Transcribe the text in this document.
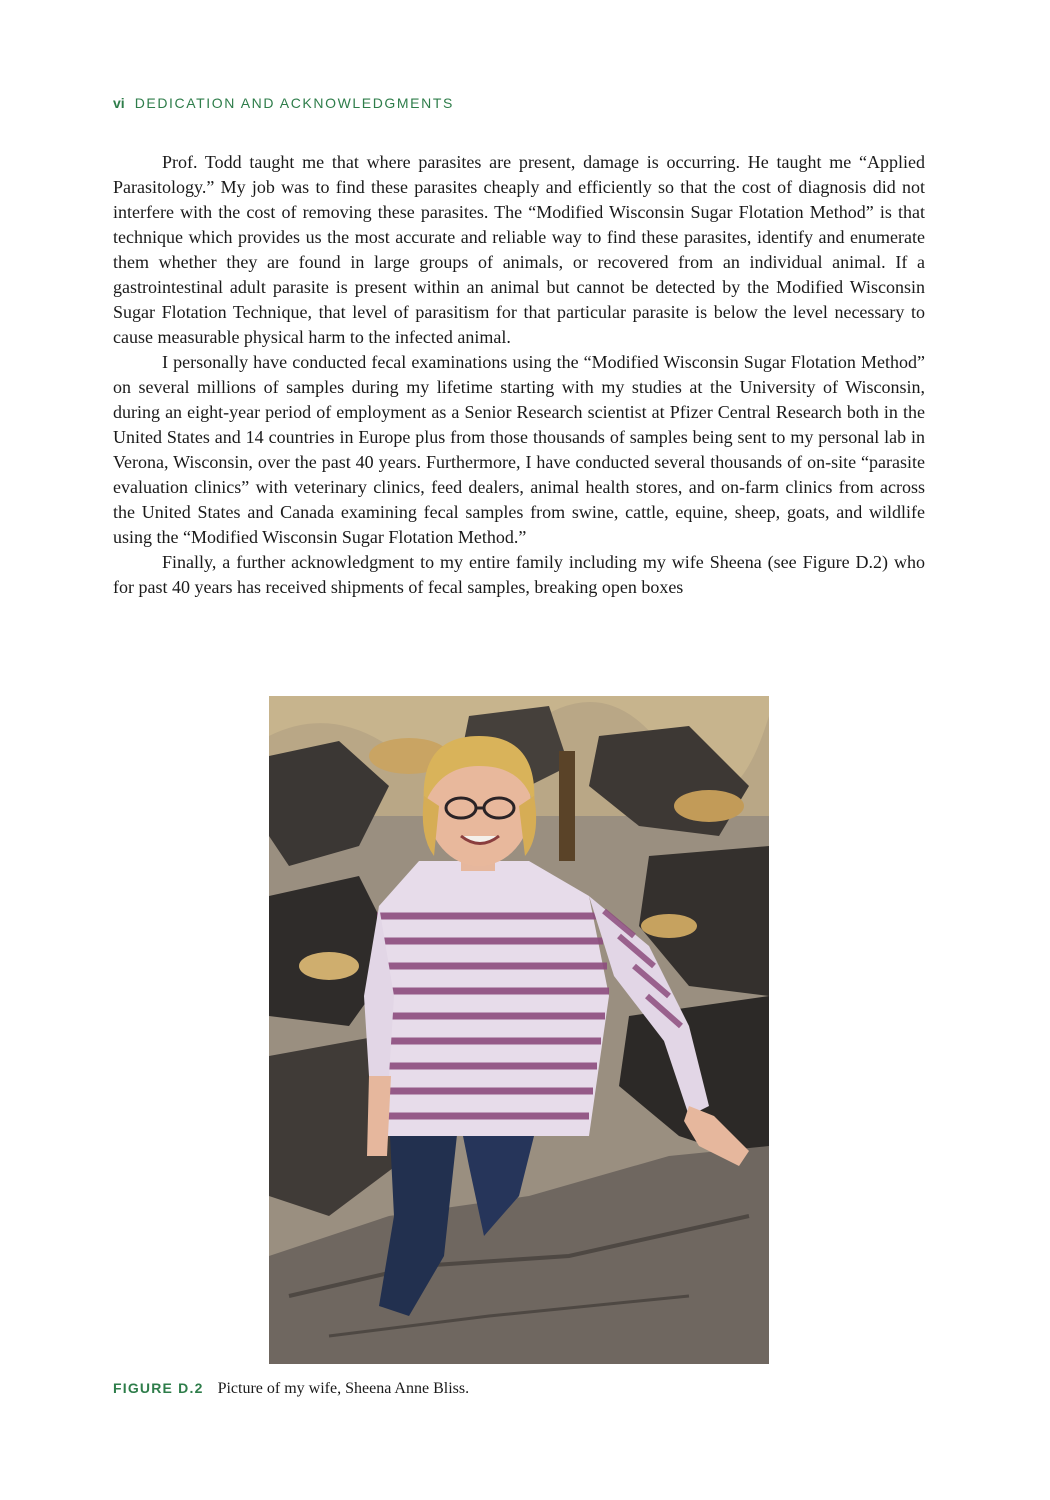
vi DEDICATION AND ACKNOWLEDGMENTS

Prof. Todd taught me that where parasites are present, damage is occurring. He taught me “Applied Parasitology.” My job was to find these parasites cheaply and efficiently so that the cost of diagnosis did not interfere with the cost of removing these parasites. The “Modified Wisconsin Sugar Flotation Method” is that technique which provides us the most accurate and reliable way to find these parasites, identify and enumerate them whether they are found in large groups of animals, or recovered from an individual animal. If a gastrointestinal adult parasite is present within an animal but cannot be detected by the Modified Wisconsin Sugar Flotation Technique, that level of parasitism for that particular parasite is below the level necessary to cause measurable physical harm to the infected animal.

I personally have conducted fecal examinations using the “Modified Wisconsin Sugar Flotation Method” on several millions of samples during my lifetime starting with my studies at the University of Wisconsin, during an eight-year period of employment as a Senior Research scientist at Pfizer Central Research both in the United States and 14 countries in Europe plus from those thousands of samples being sent to my personal lab in Verona, Wisconsin, over the past 40 years. Furthermore, I have conducted several thousands of on-site “parasite evaluation clinics” with veterinary clinics, feed dealers, animal health stores, and on-farm clinics from across the United States and Canada examining fecal samples from swine, cattle, equine, sheep, goats, and wildlife using the “Modified Wisconsin Sugar Flotation Method.”

Finally, a further acknowledgment to my entire family including my wife Sheena (see Figure D.2) who for past 40 years has received shipments of fecal samples, breaking open boxes

FIGURE D.2 Picture of my wife, Sheena Anne Bliss.
